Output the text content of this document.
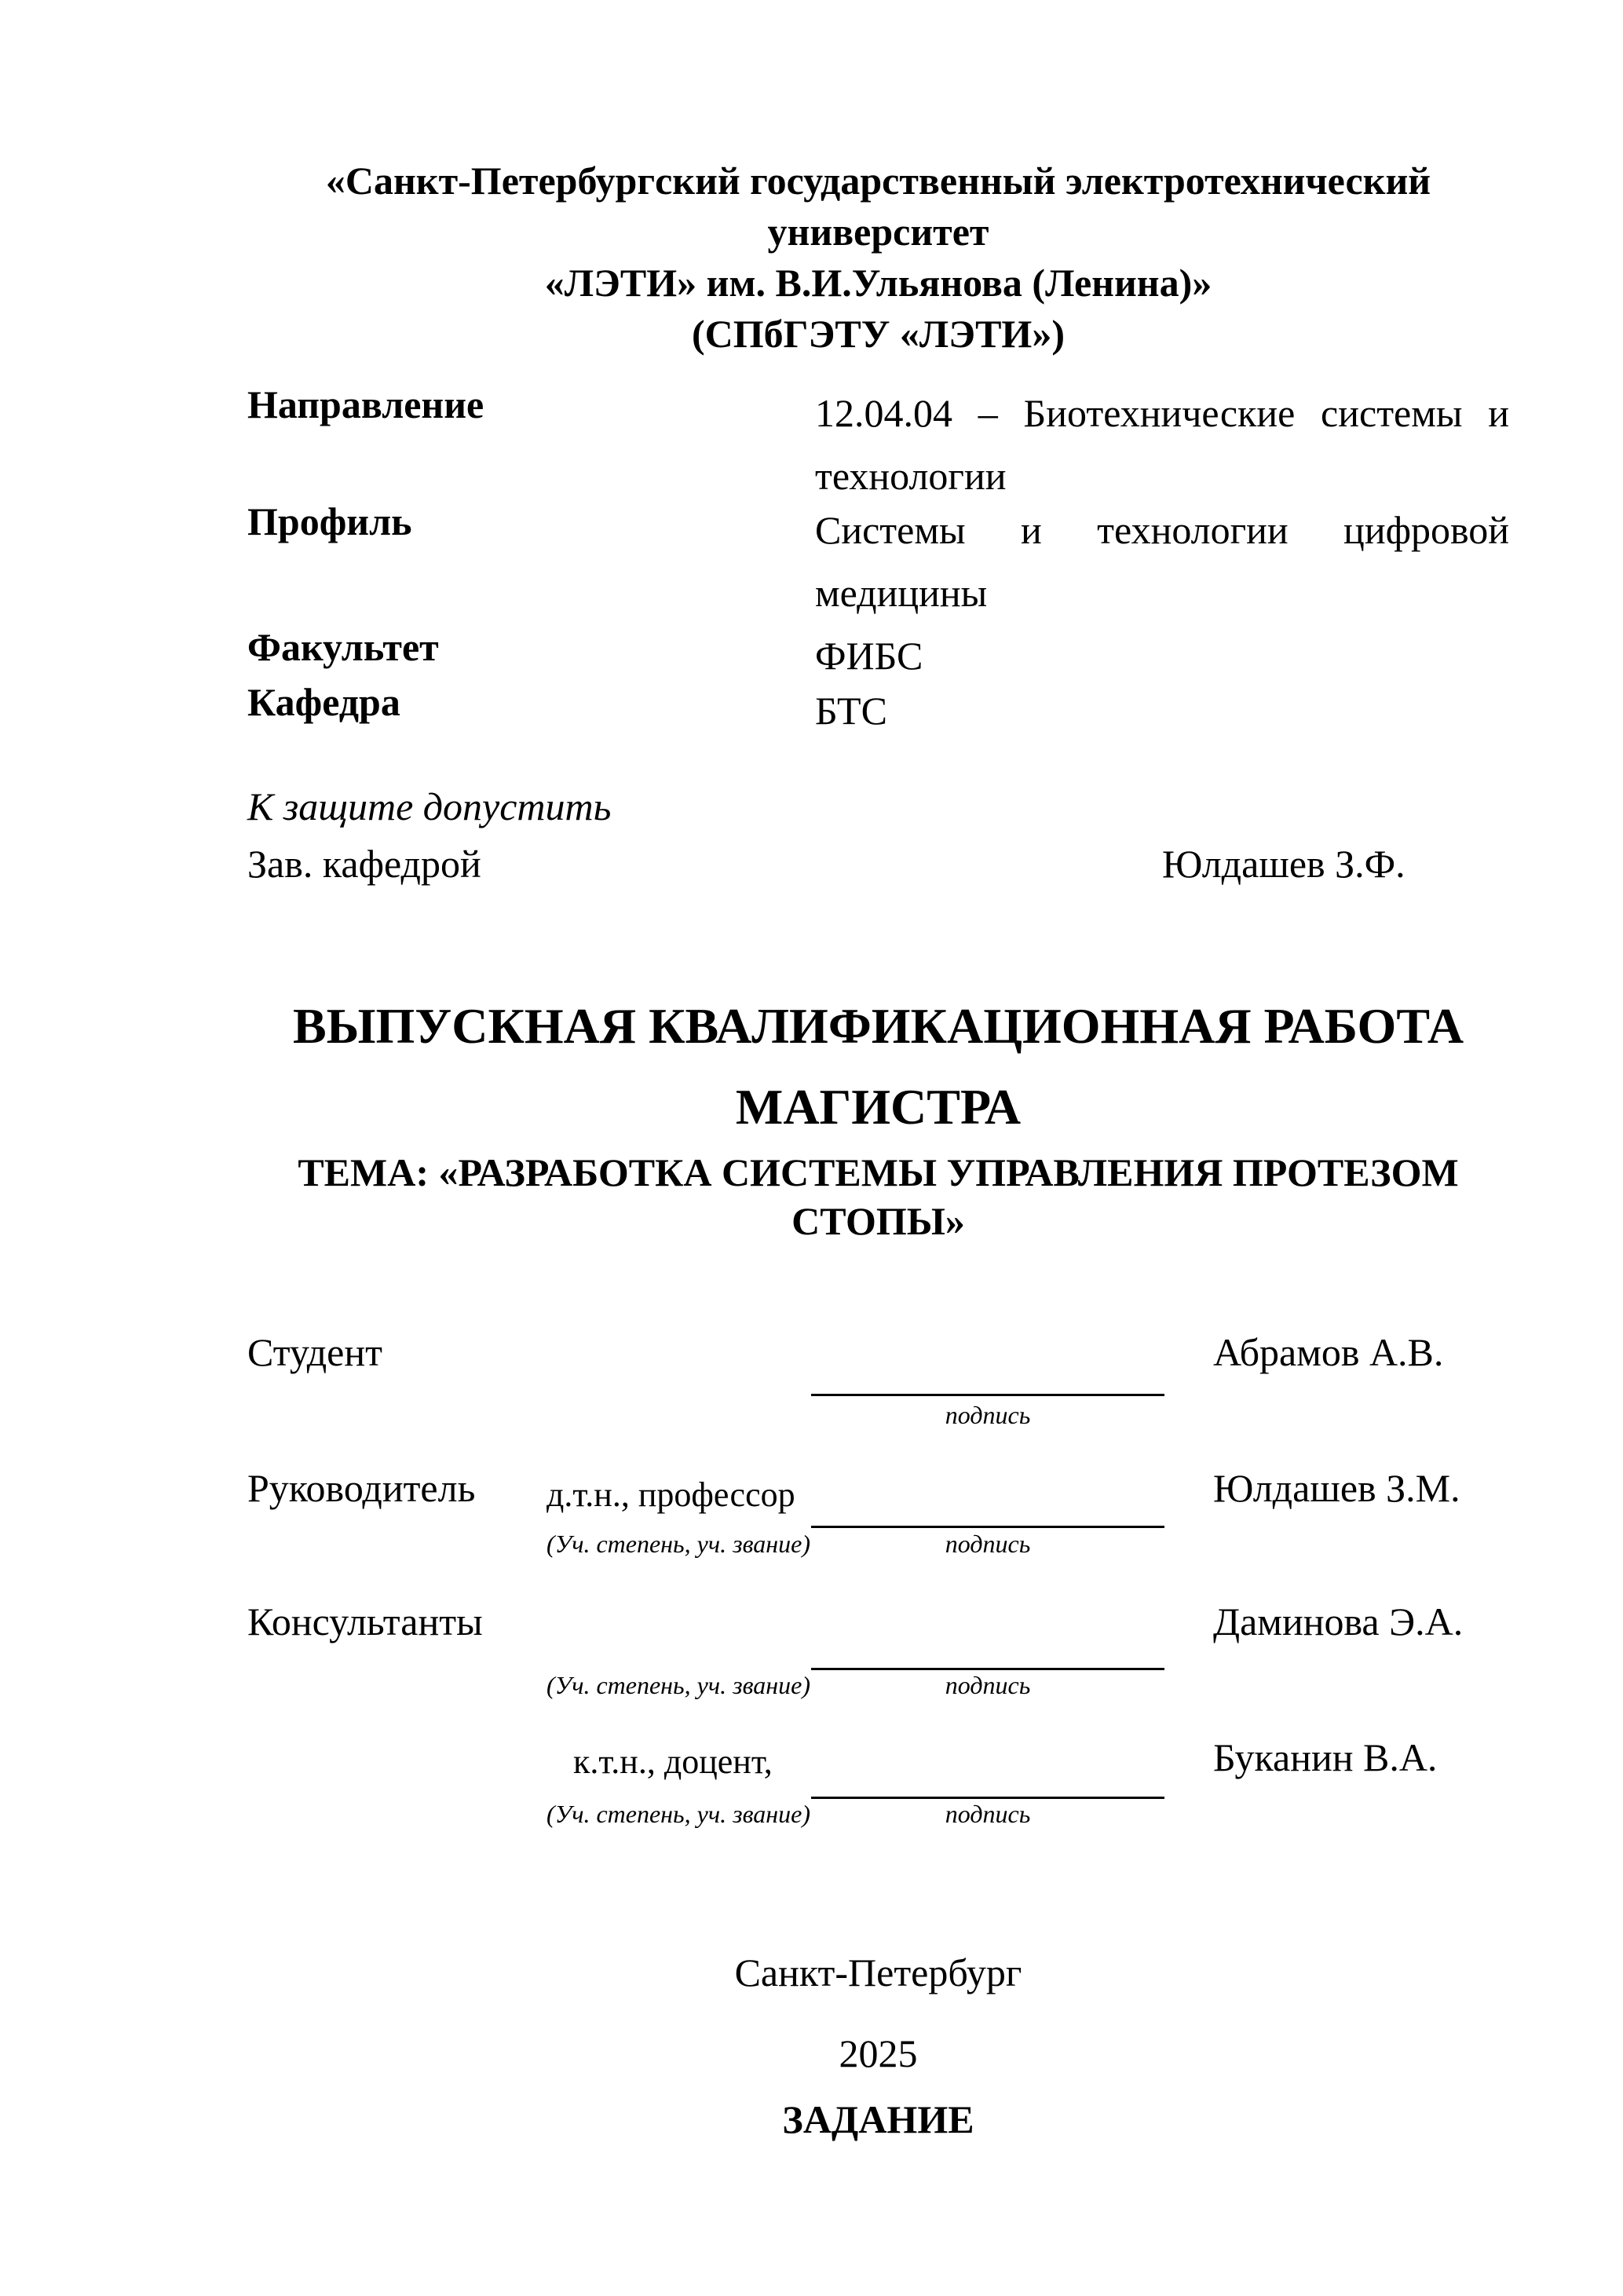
«Санкт-Петербургский государственный электротехнический
университет
«ЛЭТИ» им. В.И.Ульянова (Ленина)»
(СПбГЭТУ «ЛЭТИ»)
Направление	12.04.04 – Биотехнические системы и
технологии
Профиль	Системы и технологии цифровой
медицины
Факультет	ФИБС
Кафедра	БТС
К защите допустить
Зав. кафедрой	Юлдашев З.Ф.
ВЫПУСКНАЯ КВАЛИФИКАЦИОННАЯ РАБОТА
МАГИСТРА
ТЕМА: «РАЗРАБОТКА СИСТЕМЫ УПРАВЛЕНИЯ ПРОТЕЗОМ
СТОПЫ»
Студент	Абрамов А.В.
подпись
Руководитель д.т.н., профессор	Юлдашев З.М.
(Уч. степень, уч. звание)	подпись
Консультанты	Даминова Э.А.
(Уч. степень, уч. звание)	подпись
к.т.н., доцент,	Буканин В.А.
(Уч. степень, уч. звание)	подпись
Санкт-Петербург
2025
ЗАДАНИЕ
